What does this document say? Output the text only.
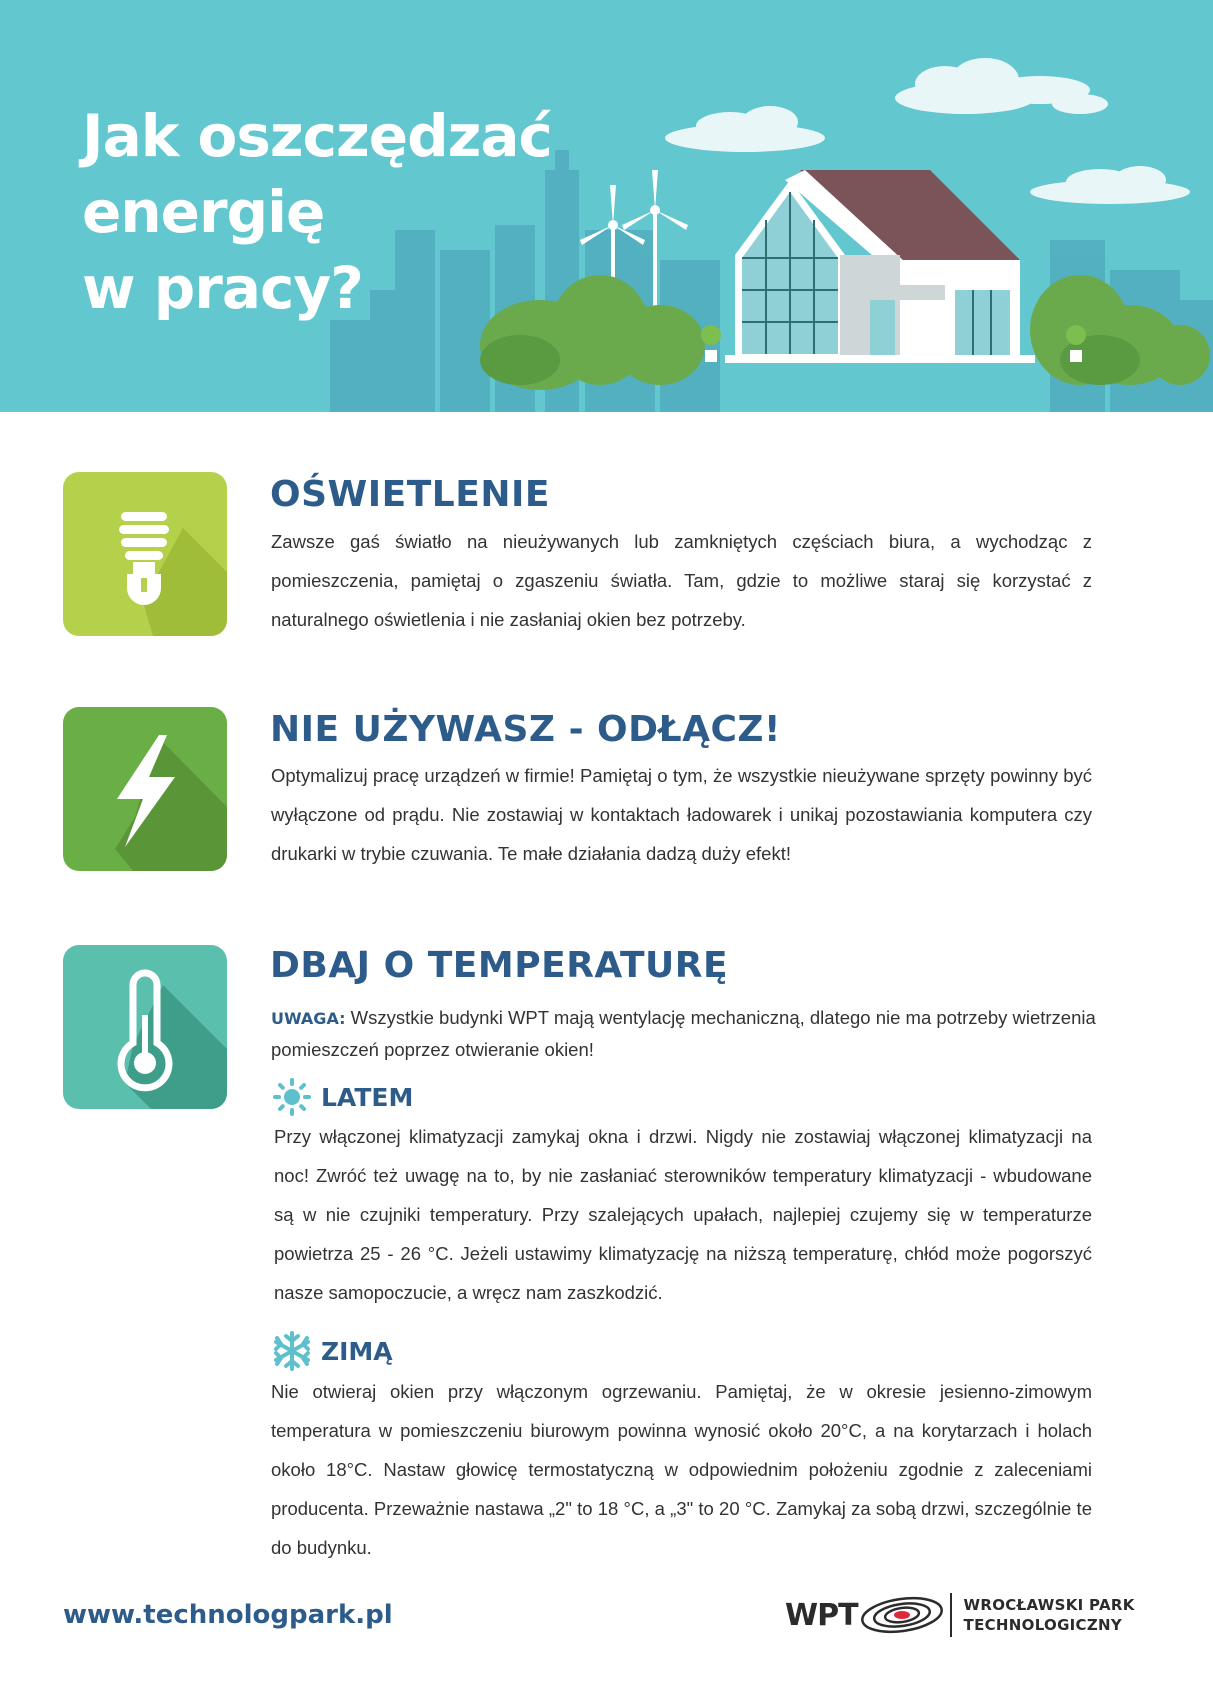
Jak oszczędzać
energię
w pracy?
OŚWIETLENIE

Zawsze gaś światło na nieużywanych lub zamkniętych częściach biura, a wychodząc z pomieszczenia, pamiętaj o zgaszeniu światła. Tam, gdzie to możliwe staraj się korzystać z naturalnego oświetlenia i nie zasłaniaj okien bez potrzeby.

NIE UŻYWASZ - ODŁĄCZ!

Optymalizuj pracę urządzeń w firmie! Pamiętaj o tym, że wszystkie nieużywane sprzęty powinny być wyłączone od prądu. Nie zostawiaj w kontaktach ładowarek i unikaj pozostawiania komputera czy drukarki w trybie czuwania. Te małe działania dadzą duży efekt!

DBAJ O TEMPERATURĘ

UWAGA: Wszystkie budynki WPT mają wentylację mechaniczną, dlatego nie ma potrzeby wietrzenia pomieszczeń poprzez otwieranie okien!

LATEM

Przy włączonej klimatyzacji zamykaj okna i drzwi. Nigdy nie zostawiaj włączonej klimatyzacji na noc! Zwróć też uwagę na to, by nie zasłaniać sterowników temperatury klimatyzacji - wbudowane są w nie czujniki temperatury. Przy szalejących upałach, najlepiej czujemy się w temperaturze powietrza 25 - 26 °C. Jeżeli ustawimy klimatyzację na niższą temperaturę, chłód może pogorszyć nasze samopoczucie, a wręcz nam zaszkodzić.

ZIMĄ

Nie otwieraj okien przy włączonym ogrzewaniu. Pamiętaj, że w okresie jesienno-zimowym temperatura w pomieszczeniu biurowym powinna wynosić około 20°C, a na korytarzach i holach około 18°C. Nastaw głowicę termostatyczną w odpowiednim położeniu zgodnie z zaleceniami producenta. Przeważnie nastawa „2" to 18 °C, a „3" to 20 °C. Zamykaj za sobą drzwi, szczególnie te do budynku.

www.technologpark.pl	WPT	WROCŁAWSKI PARK
TECHNOLOGICZNY
